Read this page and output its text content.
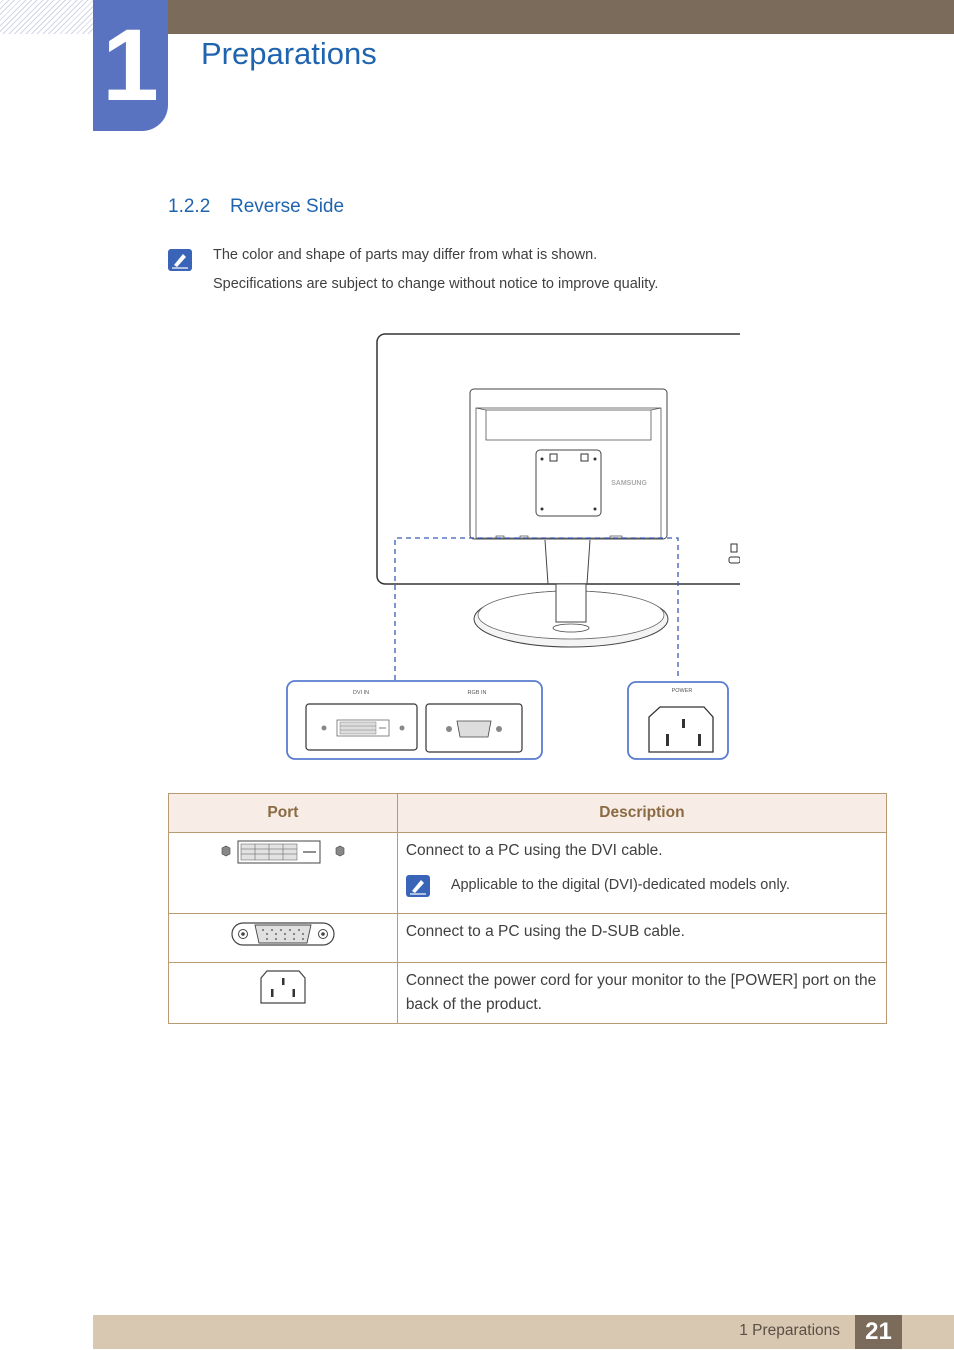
1 Preparations
1.2.2 Reverse Side
The color and shape of parts may differ from what is shown.
Specifications are subject to change without notice to improve quality.
SAMSUNG
DVI IN	RGB IN	POWER
Port	Description

Connect to a PC using the DVI cable.
Applicable to the digital (DVI)-dedicated models only.

Connect to a PC using the D-SUB cable.

Connect the power cord for your monitor to the [POWER] port on the back of the product.
1 Preparations	21
